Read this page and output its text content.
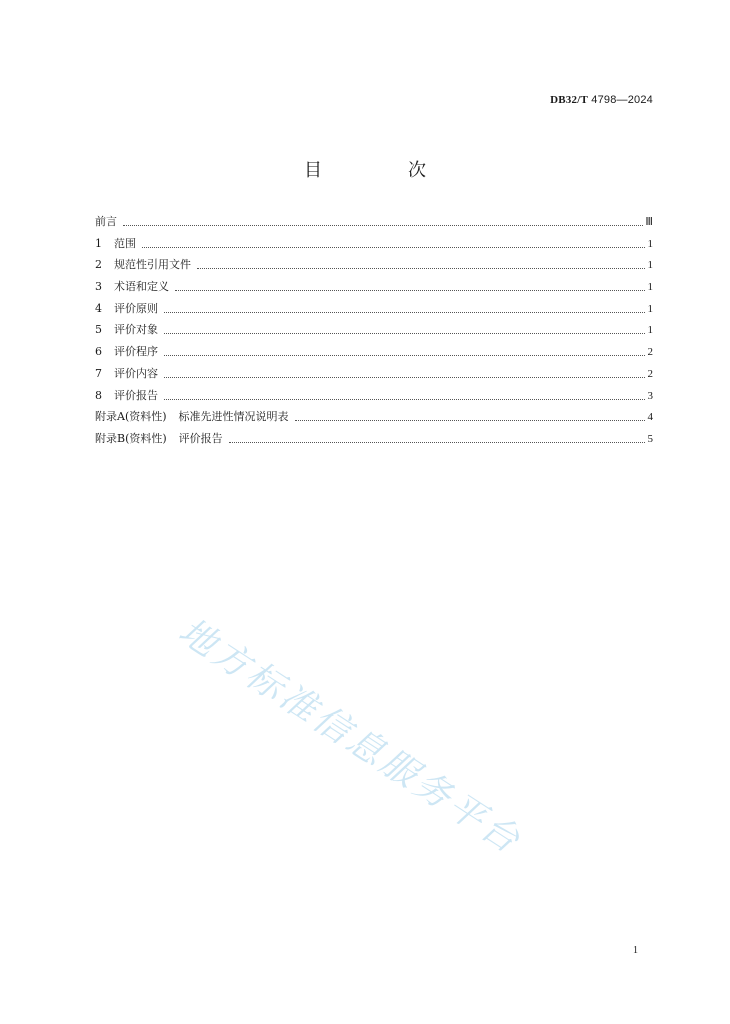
DB32/T 4798—2024
目　次
前言	Ⅲ
1	范围	1
2	规范性引用文件	1
3	术语和定义	1
4	评价原则	1
5	评价对象	1
6	评价程序	2
7	评价内容	2
8	评价报告	3
附录A(资料性)	标准先进性情况说明表	4
附录B(资料性)	评价报告	5
地方标准信息服务平台
1
